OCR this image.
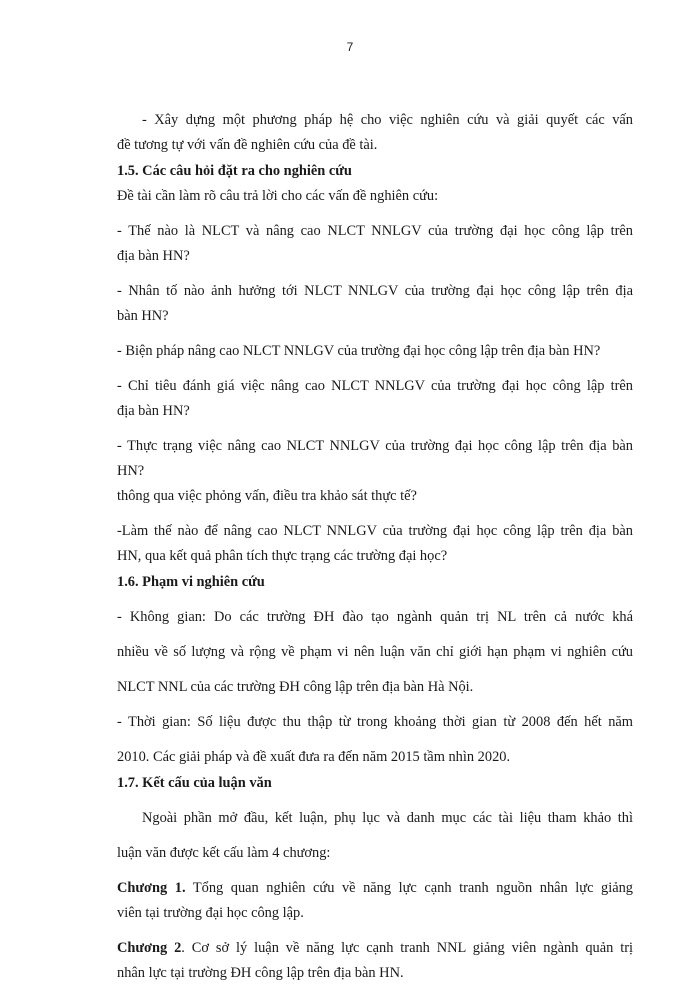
7
- Xây dựng một phương pháp hệ cho việc nghiên cứu và giải quyết các vấn
đề tương tự với vấn đề nghiên cứu của đề tài.
1.5. Các câu hỏi đặt ra cho nghiên cứu
Đề tài cần làm rõ câu trả lời cho các vấn đề nghiên cứu:
- Thế nào là NLCT và nâng cao NLCT NNLGV của trường đại học công lập trên
địa bàn HN?
- Nhân tố nào ảnh hưởng tới NLCT NNLGV của trường đại học công lập trên địa
bàn HN?
- Biện pháp nâng cao NLCT NNLGV của trường đại học công lập trên địa bàn HN?
- Chỉ tiêu đánh giá việc nâng cao NLCT NNLGV của trường đại học công lập trên
địa bàn HN?
- Thực trạng việc nâng cao NLCT NNLGV của trường đại học công lập trên địa bàn
HN?
thông qua việc phỏng vấn, điều tra khảo sát thực tế?
-Làm thế nào để nâng cao NLCT NNLGV của trường đại học công lập trên địa bàn
HN, qua kết quả phân tích thực trạng các trường đại học?
1.6. Phạm vi nghiên cứu
- Không gian: Do các trường ĐH đào tạo ngành quản trị NL trên cả nước khá
nhiều về số lượng và rộng về phạm vi nên luận văn chỉ giới hạn phạm vi nghiên cứu
NLCT NNL của các trường ĐH công lập trên địa bàn Hà Nội.
- Thời gian: Số liệu được thu thập từ trong khoảng thời gian từ 2008 đến hết năm
2010. Các giải pháp và đề xuất đưa ra đến năm 2015 tầm nhìn 2020.
1.7. Kết cấu của luận văn
Ngoài phần mở đầu, kết luận, phụ lục và danh mục các tài liệu tham khảo thì
luận văn được kết cấu làm 4 chương:
Chương 1. Tổng quan nghiên cứu về năng lực cạnh tranh nguồn nhân lực giảng
viên tại trường đại học công lập.
Chương 2. Cơ sở lý luận về năng lực cạnh tranh NNL giảng viên ngành quản trị
nhân lực tại trường ĐH công lập trên địa bàn HN.
